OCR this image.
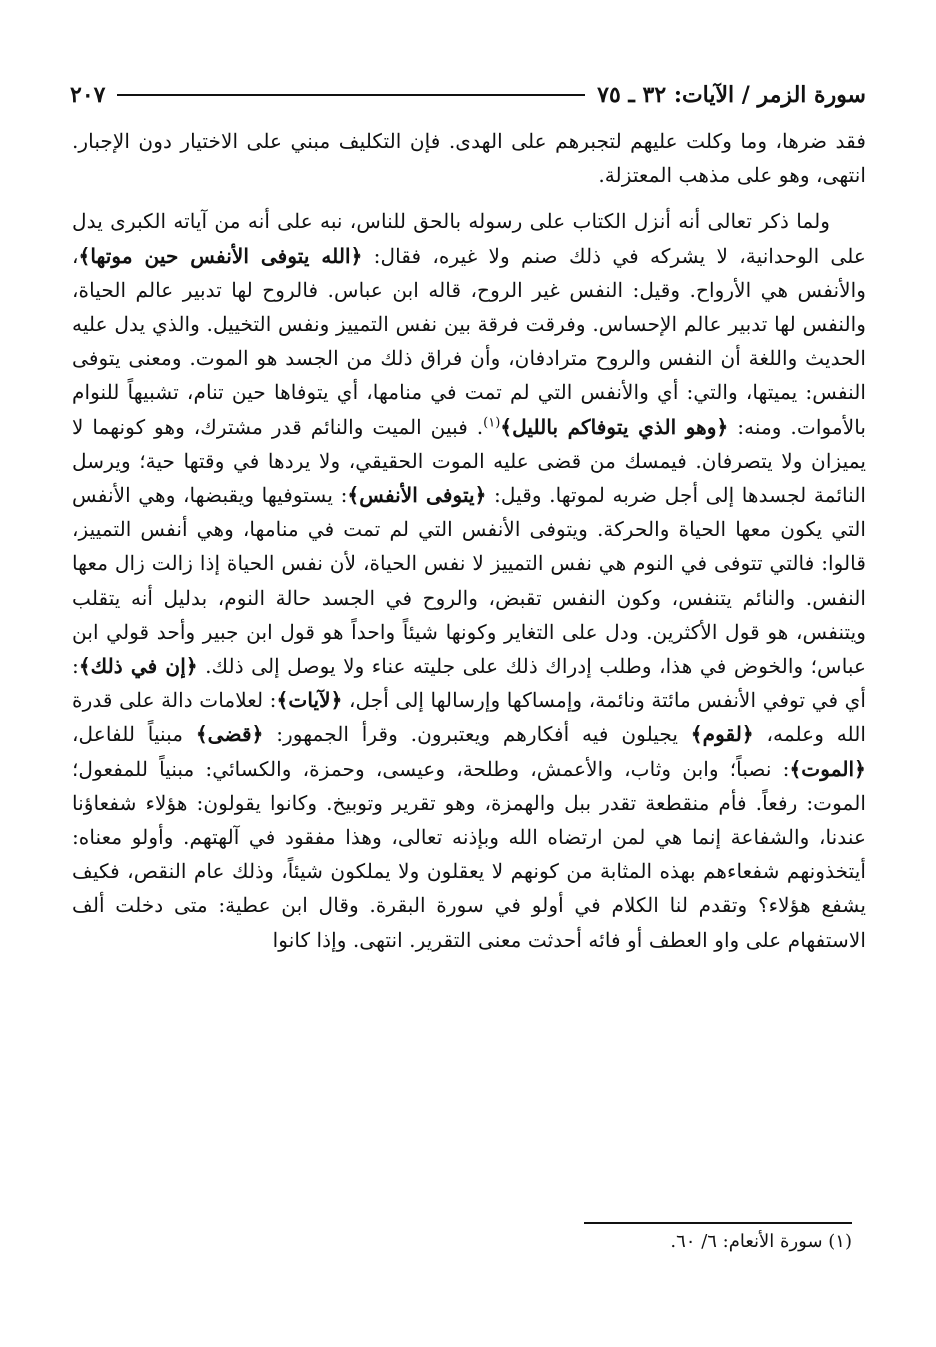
سورة الزمر / الآيات: ٣٢ ـ ٧٥
٢٠٧

فقد ضرها، وما وكلت عليهم لتجبرهم على الهدى. فإن التكليف مبني على الاختيار دون الإجبار. انتهى، وهو على مذهب المعتزلة.

ولما ذكر تعالى أنه أنزل الكتاب على رسوله بالحق للناس، نبه على أنه من آياته الكبرى يدل على الوحدانية، لا يشركه في ذلك صنم ولا غيره، فقال: ﴿الله يتوفى الأنفس حين موتها﴾، والأنفس هي الأرواح. وقيل: النفس غير الروح، قاله ابن عباس. فالروح لها تدبير عالم الحياة، والنفس لها تدبير عالم الإحساس. وفرقت فرقة بين نفس التمييز ونفس التخييل. والذي يدل عليه الحديث واللغة أن النفس والروح مترادفان، وأن فراق ذلك من الجسد هو الموت. ومعنى يتوفى النفس: يميتها، والتي: أي والأنفس التي لم تمت في منامها، أي يتوفاها حين تنام، تشبيهاً للنوام بالأموات. ومنه: ﴿وهو الذي يتوفاكم بالليل﴾$^{(١)}$. فبين الميت والنائم قدر مشترك، وهو كونهما لا يميزان ولا يتصرفان. فيمسك من قضى عليه الموت الحقيقي، ولا يردها في وقتها حية؛ ويرسل النائمة لجسدها إلى أجل ضربه لموتها. وقيل: ﴿يتوفى الأنفس﴾: يستوفيها ويقبضها، وهي الأنفس التي يكون معها الحياة والحركة. ويتوفى الأنفس التي لم تمت في منامها، وهي أنفس التمييز، قالوا: فالتي تتوفى في النوم هي نفس التمييز لا نفس الحياة، لأن نفس الحياة إذا زالت زال معها النفس. والنائم يتنفس، وكون النفس تقبض، والروح في الجسد حالة النوم، بدليل أنه يتقلب ويتنفس، هو قول الأكثرين. ودل على التغاير وكونها شيئاً واحداً هو قول ابن جبير وأحد قولي ابن عباس؛ والخوض في هذا، وطلب إدراك ذلك على جليته عناء ولا يوصل إلى ذلك. ﴿إن في ذلك﴾: أي في توفي الأنفس مائتة ونائمة، وإمساكها وإرسالها إلى أجل، ﴿لآيات﴾: لعلامات دالة على قدرة الله وعلمه، ﴿لقوم﴾ يجيلون فيه أفكارهم ويعتبرون. وقرأ الجمهور: ﴿قضى﴾ مبنياً للفاعل، ﴿الموت﴾: نصباً؛ وابن وثاب، والأعمش، وطلحة، وعيسى، وحمزة، والكسائي: مبنياً للمفعول؛ الموت: رفعاً. فأم منقطعة تقدر ببل والهمزة، وهو تقرير وتوبيخ. وكانوا يقولون: هؤلاء شفعاؤنا عندنا، والشفاعة إنما هي لمن ارتضاه الله وبإذنه تعالى، وهذا مفقود في آلهتهم. وأولو معناه: أيتخذونهم شفعاءهم بهذه المثابة من كونهم لا يعقلون ولا يملكون شيئاً، وذلك عام النقص، فكيف يشفع هؤلاء؟ وتقدم لنا الكلام في أولو في سورة البقرة. وقال ابن عطية: متى دخلت ألف الاستفهام على واو العطف أو فائه أحدثت معنى التقرير. انتهى. وإذا كانوا

(١) سورة الأنعام: ٦/ ٦٠.
